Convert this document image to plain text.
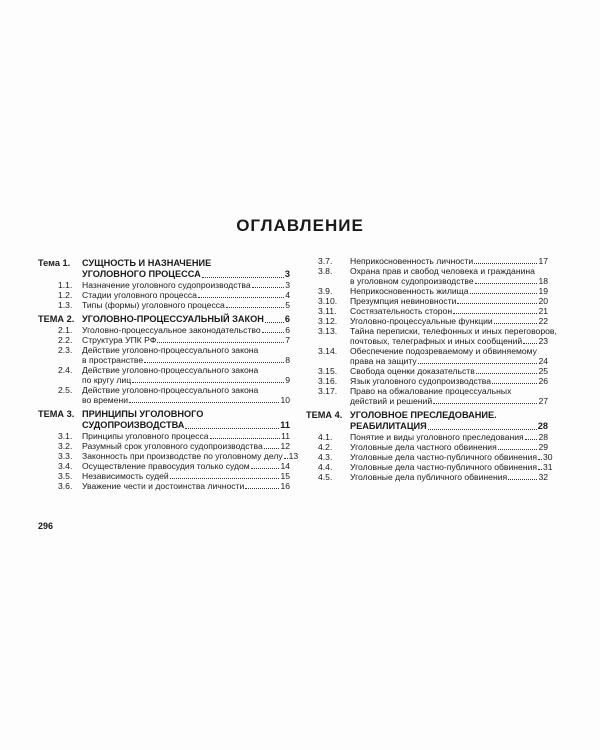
ОГЛАВЛЕНИЕ
Тема 1. СУЩНОСТЬ И НАЗНАЧЕНИЕ
УГОЛОВНОГО ПРОЦЕССА	3
1.1. Назначение уголовного судопроизводства	3
1.2. Стадии уголовного процесса	4
1.3. Типы (формы) уголовного процесса	5
ТЕМА 2. УГОЛОВНО-ПРОЦЕССУАЛЬНЫЙ ЗАКОН 6
2.1. Уголовно-процессуальное законодательство	6
2.2. Структура УПК РФ	7
2.3. Действие уголовно-процессуального закона
в пространстве	8
2.4. Действие уголовно-процессуального закона
по кругу лиц	9
2.5. Действие уголовно-процессуального закона
во времени	10
ТЕМА 3. ПРИНЦИПЫ УГОЛОВНОГО
СУДОПРОИЗВОДСТВА	11
3.1. Принципы уголовного процесса	11
3.2. Разумный срок уголовного судопроизводства 12
3.3. Законность при производстве по уголовному делу 13
3.4. Осуществление правосудия только судом	14
3.5. Независимость судей	15
3.6. Уважение чести и достоинства личности	16
3.7. Неприкосновенность личности	17
3.8. Охрана прав и свобод человека и гражданина
в уголовном судопроизводстве	18
3.9. Неприкосновенность жилища	19
3.10. Презумпция невиновности	20
3.11. Состязательность сторон	21
3.12. Уголовно-процессуальные функции	22
3.13. Тайна переписки, телефонных и иных переговоров,
почтовых, телеграфных и иных сообщений 23
3.14. Обеспечение подозреваемому и обвиняемому
права на защиту	24
3.15. Свобода оценки доказательств	25
3.16. Язык уголовного судопроизводства	26
3.17. Право на обжалование процессуальных
действий и решений	27
ТЕМА 4. УГОЛОВНОЕ ПРЕСЛЕДОВАНИЕ.
РЕАБИЛИТАЦИЯ	28
4.1. Понятие и виды уголовного преследования 28
4.2. Уголовные дела частного обвинения	29
4.3. Уголовные дела частно-публичного обвинения 30
4.4. Уголовные дела частно-публичного обвинения 31
4.5. Уголовные дела публичного обвинения	32
296
